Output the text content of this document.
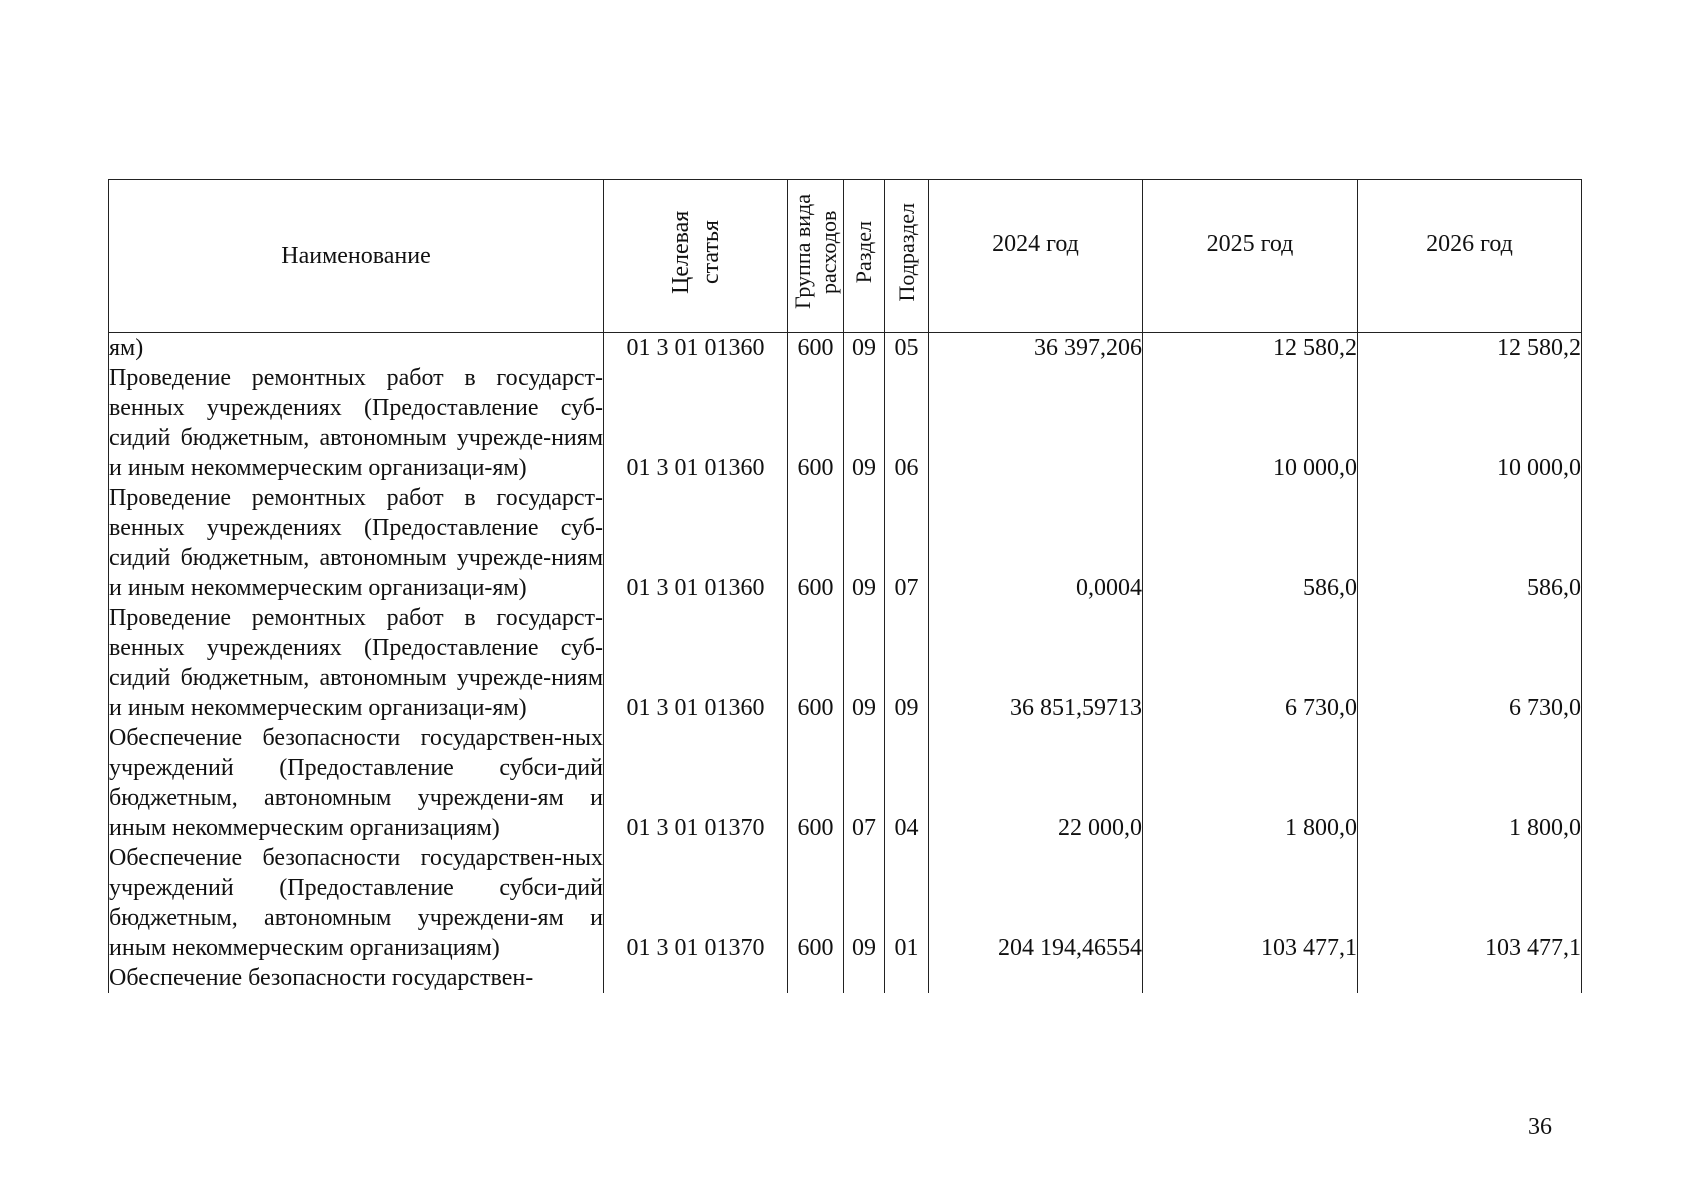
Наименование	Целевая статья	Группа вида расходов	Раздел	Подраздел	2024 год	2025 год	2026 год
ям)	01 3 01 01360	600	09	05	36 397,206	12 580,2	12 580,2
Проведение ремонтных работ в государст-венных учреждениях (Предоставление суб-сидий бюджетным, автономным учрежде-ниям и иным некоммерческим организаци-ям)	01 3 01 01360	600	09	06		10 000,0	10 000,0
Проведение ремонтных работ в государст-венных учреждениях (Предоставление суб-сидий бюджетным, автономным учрежде-ниям и иным некоммерческим организаци-ям)	01 3 01 01360	600	09	07	0,0004	586,0	586,0
Проведение ремонтных работ в государст-венных учреждениях (Предоставление суб-сидий бюджетным, автономным учрежде-ниям и иным некоммерческим организаци-ям)	01 3 01 01360	600	09	09	36 851,59713	6 730,0	6 730,0
Обеспечение безопасности государствен-ных учреждений (Предоставление субси-дий бюджетным, автономным учреждени-ям и иным некоммерческим организациям)	01 3 01 01370	600	07	04	22 000,0	1 800,0	1 800,0
Обеспечение безопасности государствен-ных учреждений (Предоставление субси-дий бюджетным, автономным учреждени-ям и иным некоммерческим организациям)	01 3 01 01370	600	09	01	204 194,46554	103 477,1	103 477,1
Обеспечение безопасности государствен-							
36
